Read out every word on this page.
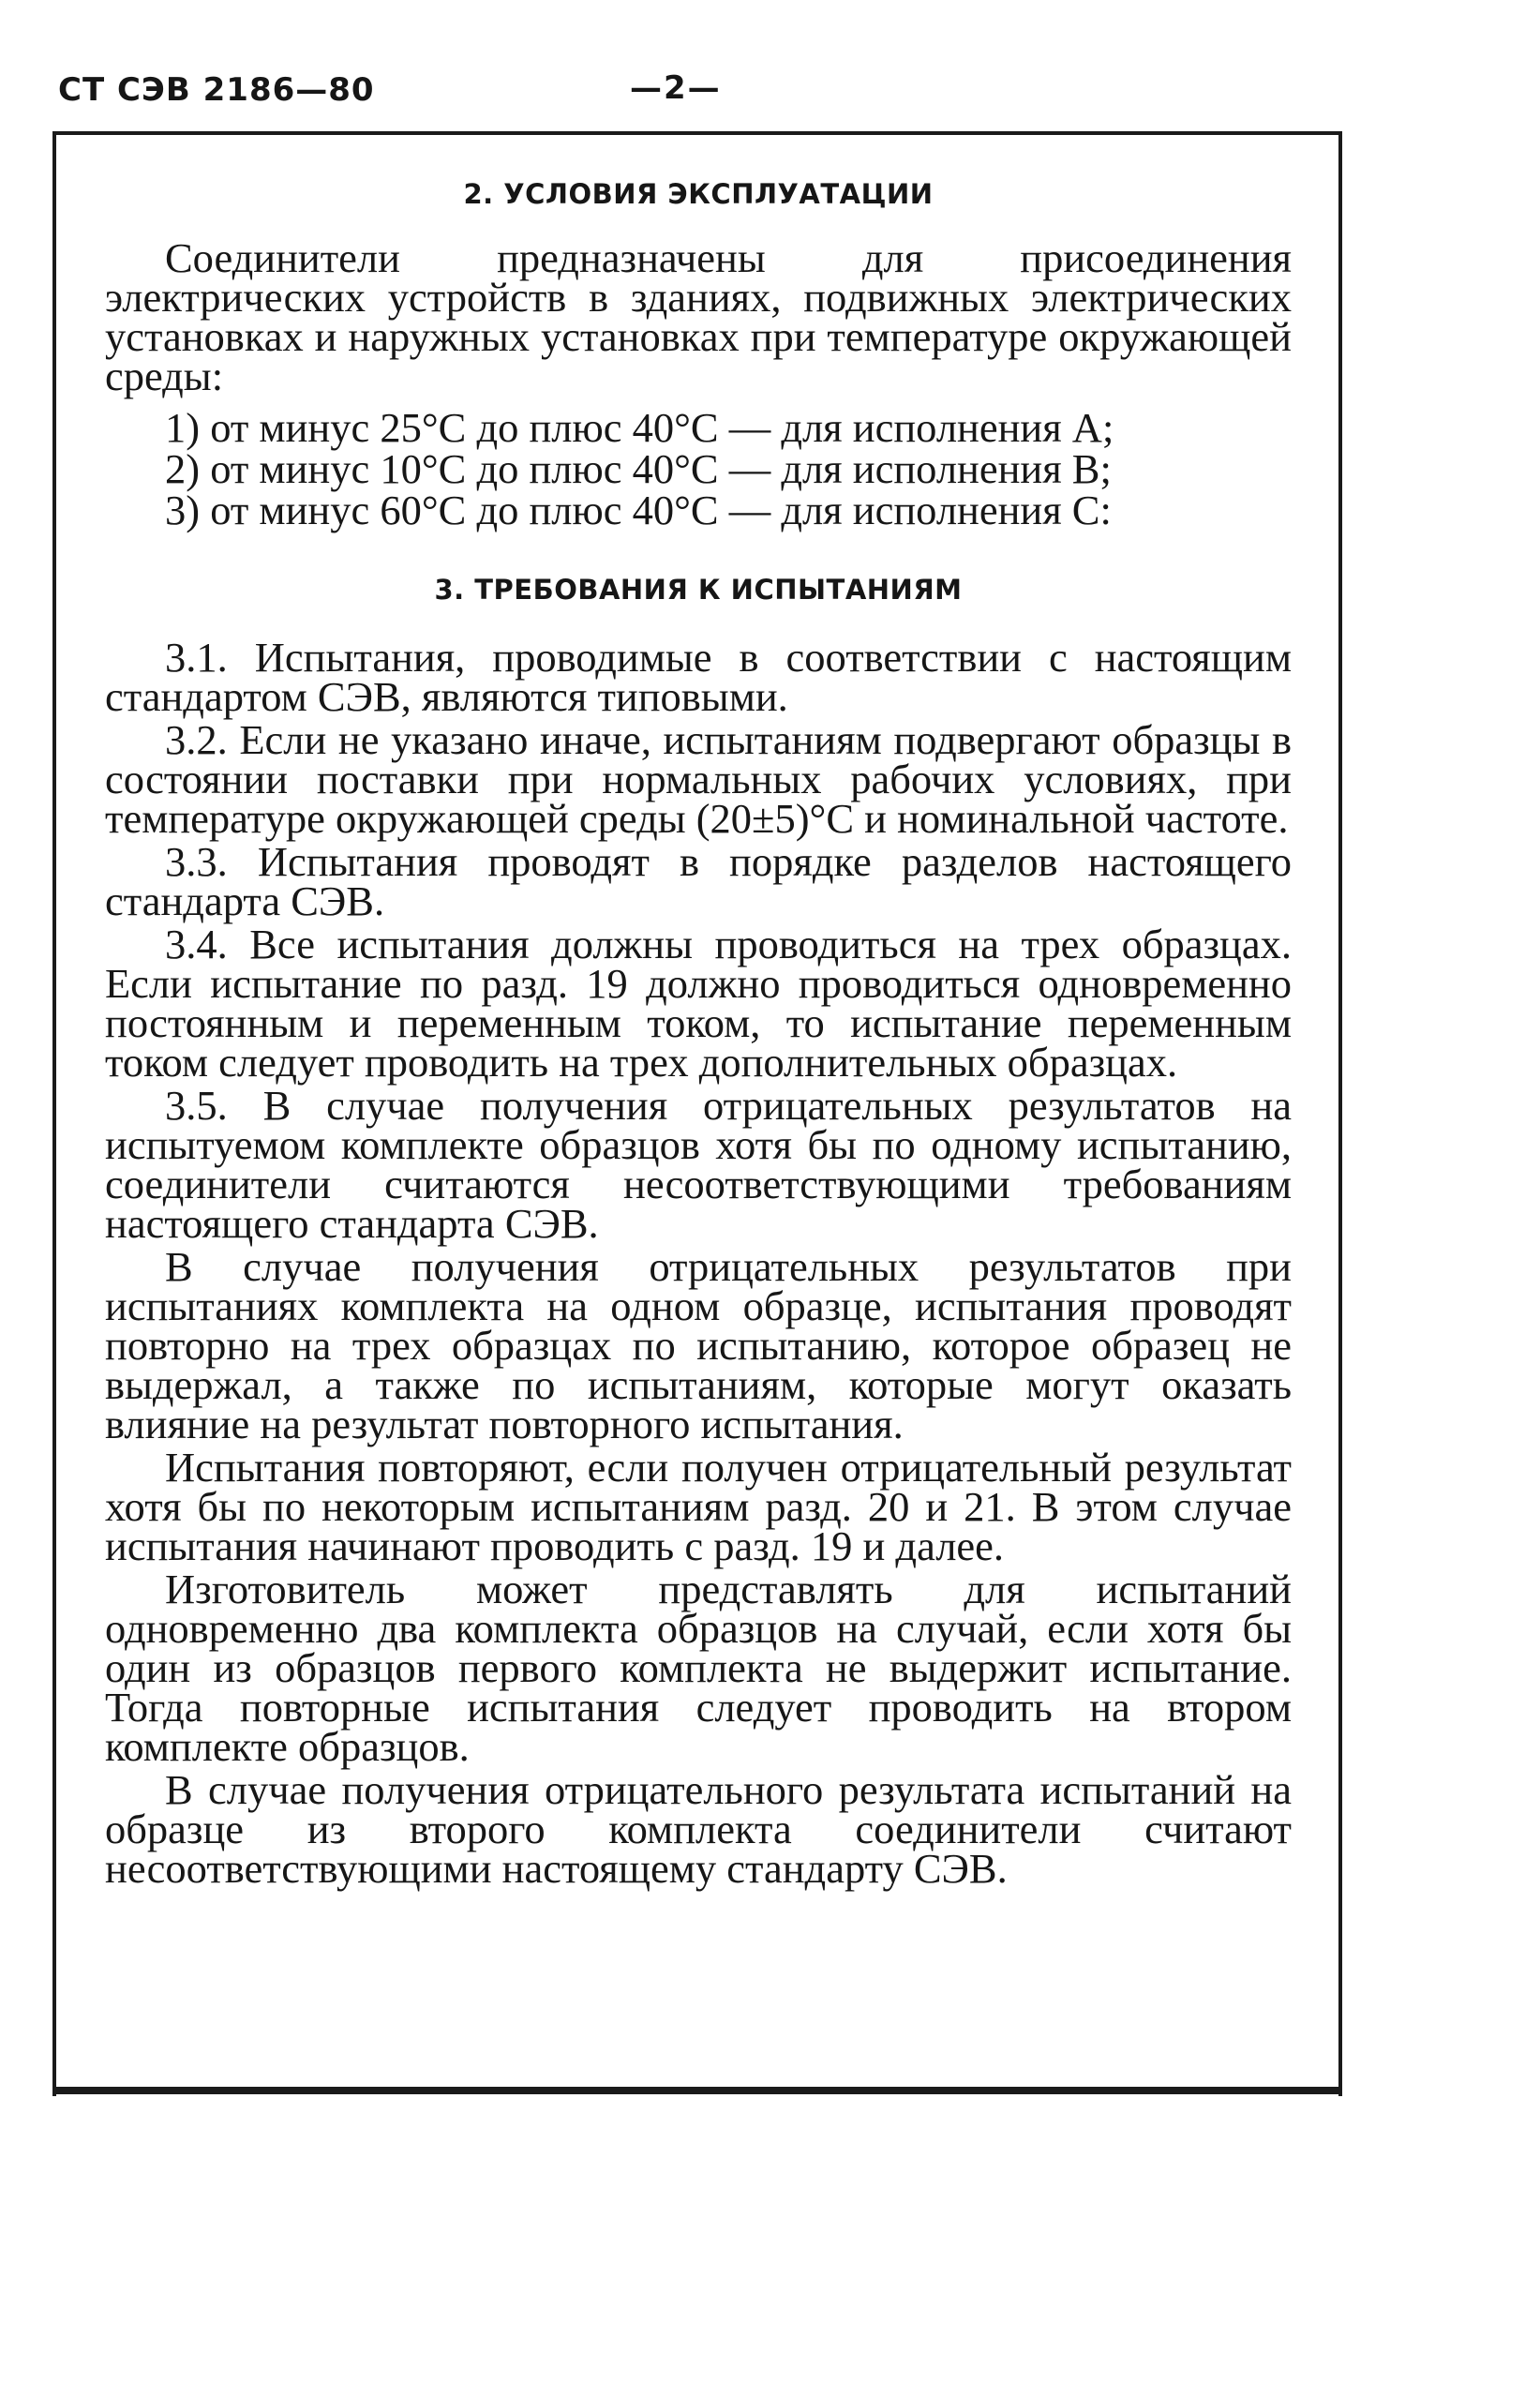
СТ СЭВ 2186—80	—2—
2. УСЛОВИЯ ЭКСПЛУАТАЦИИ

Соединители предназначены для присоединения электрических устройств в зданиях, подвижных электрических установках и наружных установках при температуре окружающей среды:

1) от минус 25°С до плюс 40°С — для исполнения А;

2) от минус 10°С до плюс 40°С — для исполнения В;

3) от минус 60°С до плюс 40°С — для исполнения С:

3. ТРЕБОВАНИЯ К ИСПЫТАНИЯМ

3.1. Испытания, проводимые в соответствии с настоящим стандартом СЭВ, являются типовыми.

3.2. Если не указано иначе, испытаниям подвергают образцы в состоянии поставки при нормальных рабочих условиях, при температуре окружающей среды (20±5)°С и номинальной частоте.

3.3. Испытания проводят в порядке разделов настоящего стандарта СЭВ.

3.4. Все испытания должны проводиться на трех образцах. Если испытание по разд. 19 должно проводиться одновременно постоянным и переменным током, то испытание переменным током следует проводить на трех дополнительных образцах.

3.5. В случае получения отрицательных результатов на испытуемом комплекте образцов хотя бы по одному испытанию, соединители считаются несоответствующими требованиям настоящего стандарта СЭВ.

В случае получения отрицательных результатов при испытаниях комплекта на одном образце, испытания проводят повторно на трех образцах по испытанию, которое образец не выдержал, а также по испытаниям, которые могут оказать влияние на результат повторного испытания.

Испытания повторяют, если получен отрицательный результат хотя бы по некоторым испытаниям разд. 20 и 21. В этом случае испытания начинают проводить с разд. 19 и далее.

Изготовитель может представлять для испытаний одновременно два комплекта образцов на случай, если хотя бы один из образцов первого комплекта не выдержит испытание. Тогда повторные испытания следует проводить на втором комплекте образцов.

В случае получения отрицательного результата испытаний на образце из второго комплекта соединители считают несоответствующими настоящему стандарту СЭВ.
